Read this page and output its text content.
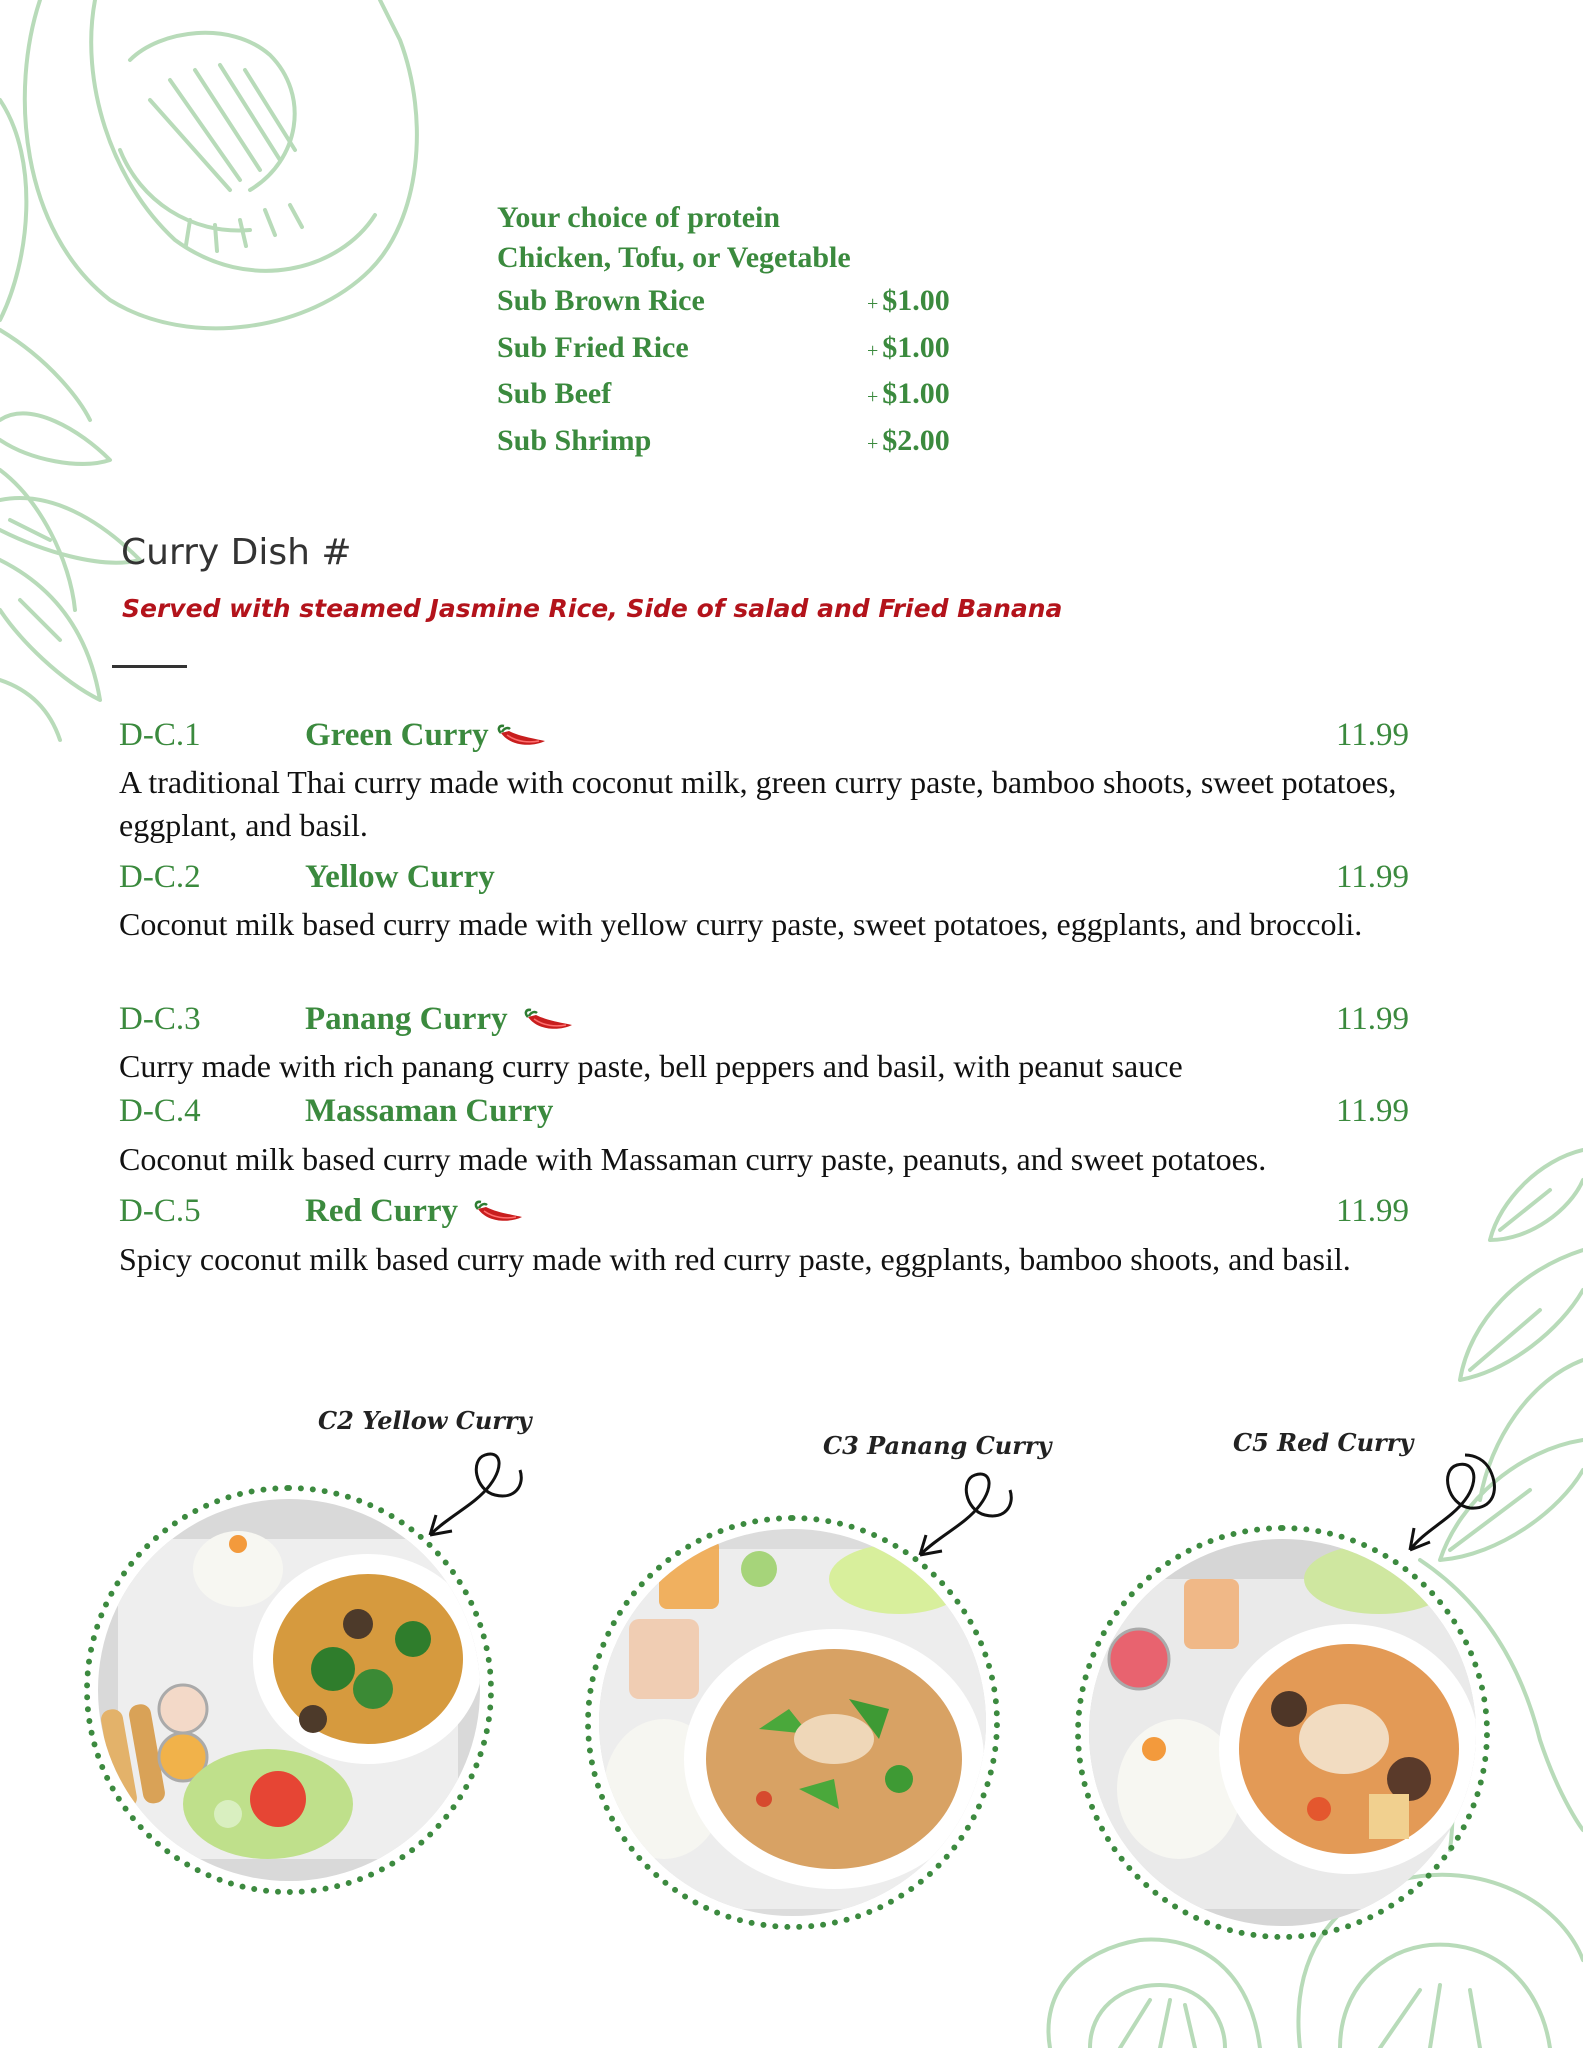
Your choice of protein
Chicken, Tofu, or Vegetable
Sub Brown Rice	+ $1.00
Sub Fried Rice	+ $1.00
Sub Beef	+ $1.00
Sub Shrimp	+ $2.00
Curry Dish #
Served with steamed Jasmine Rice, Side of salad and Fried Banana
D-C.1	Green Curry	11.99
A traditional Thai curry made with coconut milk, green curry paste, bamboo shoots, sweet potatoes, eggplant, and basil.
D-C.2	Yellow Curry	11.99
Coconut milk based curry made with yellow curry paste, sweet potatoes, eggplants, and broccoli.
D-C.3	Panang Curry	11.99
Curry made with rich panang curry paste, bell peppers and basil, with peanut sauce
D-C.4	Massaman Curry	11.99
Coconut milk based curry made with Massaman curry paste, peanuts, and sweet potatoes.
D-C.5	Red Curry	11.99
Spicy coconut milk based curry made with red curry paste, eggplants, bamboo shoots, and basil.
C2 Yellow Curry
C3 Panang Curry	C5 Red Curry
